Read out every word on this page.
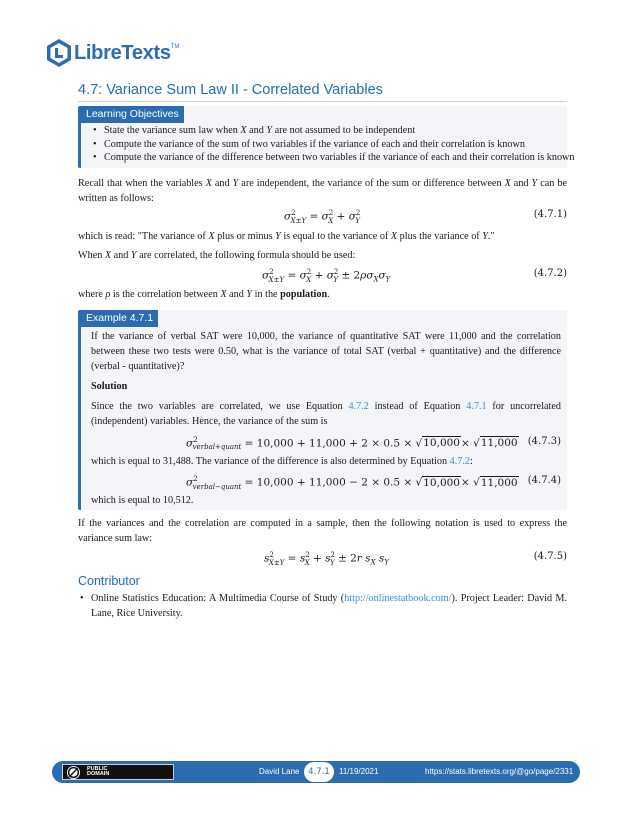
LibreTexts TM
4.7: Variance Sum Law II - Correlated Variables
Learning Objectives
• State the variance sum law when X and Y are not assumed to be independent
• Compute the variance of the sum of two variables if the variance of each and their correlation is known
• Compute the variance of the difference between two variables if the variance of each and their correlation is known

Recall that when the variables X and Y are independent, the variance of the sum or difference between X and Y can be written as follows:

$\sigma^2_{X\pm Y} = \sigma^2_X + \sigma^2_Y$
(4.7.1)

which is read: "The variance of X plus or minus Y is equal to the variance of X plus the variance of Y."

When X and Y are correlated, the following formula should be used:

$\sigma^2_{X\pm Y} = \sigma^2_X + \sigma^2_Y \pm 2\rho\sigma_X\sigma_Y$
(4.7.2)

where ρ is the correlation between X and Y in the population.

Example 4.7.1

If the variance of verbal SAT were 10,000, the variance of quantitative SAT were 11,000 and the correlation between these two tests were 0.50, what is the variance of total SAT (verbal + quantitative) and the difference (verbal - quantitative)?

Solution

Since the two variables are correlated, we use Equation 4.7.2 instead of Equation 4.7.1 for uncorrelated (independent) variables. Hence, the variance of the sum is

$\sigma^2_{verbal+quant} = 10,000 + 11,000 + 2 \times 0.5 \times √10,000\times √11,000$ (4.7.3)

which is equal to 31,488. The variance of the difference is also determined by Equation 4.7.2:

$\sigma^2_{verbal-quant} = 10,000 + 11,000 - 2 \times 0.5 \times √10,000\times √11,000$ (4.7.4)

which is equal to 10,512.

If the variances and the correlation are computed in a sample, then the following notation is used to express the variance sum law:

$s^2_{X\pm Y} = s^2_X + s^2_Y \pm 2r$ $s_X$ $s_Y$
(4.7.5)
Contributor
• Online Statistics Education: A Multimedia Course of Study (http://onlinestatbook.com/). Project Leader: David M. Lane, Rice University.
PUBLIC
DOMAIN	David Lane	4.7.1	11/19/2021	https://stats.libretexts.org/@go/page/2331
